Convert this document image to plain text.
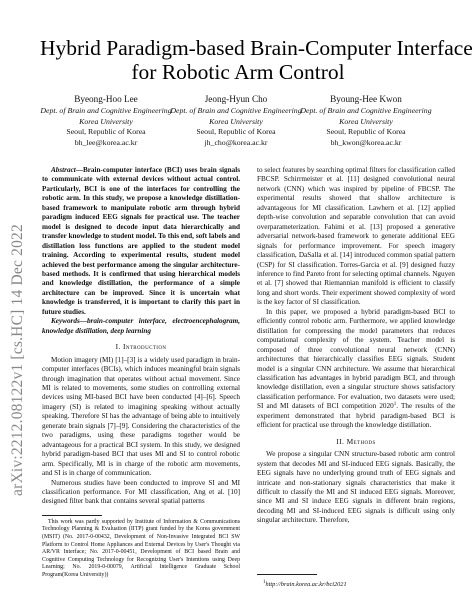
arXiv:2212.08122v1 [cs.HC] 14 Dec 2022
Hybrid Paradigm-based Brain-Computer Interface
for Robotic Arm Control
Byeong-Hoo Lee
Dept. of Brain and Cognitive Engineering
Korea University
Seoul, Republic of Korea
bh_lee@korea.ac.kr
Jeong-Hyun Cho
Dept. of Brain and Cognitive Engineering
Korea University
Seoul, Republic of Korea
jh_cho@korea.ac.kr
Byoung-Hee Kwon
Dept. of Brain and Cognitive Engineering
Korea University
Seoul, Republic of Korea
bh_kwon@korea.ac.kr

Abstract—Brain-computer interface (BCI) uses brain signals to communicate with external devices without actual control. Particularly, BCI is one of the interfaces for controlling the robotic arm. In this study, we propose a knowledge distillation-based framework to manipulate robotic arm through hybrid paradigm induced EEG signals for practical use. The teacher model is designed to decode input data hierarchically and transfer knowledge to student model. To this end, soft labels and distillation loss functions are applied to the student model training. According to experimental results, student model achieved the best performance among the singular architecture-based methods. It is confirmed that using hierarchical models and knowledge distillation, the performance of a simple architecture can be improved. Since it is uncertain what knowledge is transferred, it is important to clarify this part in future studies.

Keywords—brain-computer interface, electroencephalogram, knowledge distillation, deep learning

I. Introduction

Motion imagery (MI) [1]–[3] is a widely used paradigm in brain-computer interfaces (BCIs), which induces meaningful brain signals through imagination that operates without actual movement. Since MI is related to movements, some studies on controlling external devices using MI-based BCI have been conducted [4]–[6]. Speech imagery (SI) is related to imagining speaking without actually speaking. Therefore SI has the advantage of being able to intuitively generate brain signals [7]–[9]. Considering the characteristics of the two paradigms, using these paradigms together would be advantageous for a practical BCI system. In this study, we designed hybrid paradigm-based BCI that uses MI and SI to control robotic arm. Specifically, MI is in charge of the robotic arm movements, and SI is in charge of communication.

Numerous studies have been conducted to improve SI and MI classification performance. For MI classification, Ang et al. [10] designed filter bank that contains several spatial patterns

This work was partly supported by Institute of Information & Communications Technology Planning & Evaluation (IITP) grant funded by the Korea government (MSIT) (No. 2017-0-00432, Development of Non-Invasive Integrated BCI SW Platform to Control Home Appliances and External Devices by User's Thought via AR/VR Interface; No. 2017-0-00451, Development of BCI based Brain and Cognitive Computing Technology for Recognizing User's Intentions using Deep Learning; No. 2019-0-00079, Artificial Intelligence Graduate School Program(Korea University))

to select features by searching optimal filters for classification called FBCSP. Schirrmeister et al. [11] designed convolutional neural network (CNN) which was inspired by pipeline of FBCSP. The experimental results showed that shallow architecture is advantageous for MI classification. Lawhern et al. [12] applied depth-wise convolution and separable convolution that can avoid overparameterization. Fahimi et al. [13] proposed a generative adversarial network-based framework to generate additional EEG signals for performance improvement. For speech imagery classification, DaSalla et al. [14] introduced common spatial pattern (CSP) for SI classification. Torres-Garcia et al. [9] designed fuzzy inference to find Pareto front for selecting optimal channels. Nguyen et al. [7] showed that Riemannian manifold is efficient to classify long and short words. Their experiment showed complexity of word is the key factor of SI classification.

In this paper, we proposed a hybrid paradigm-based BCI to efficiently control robotic arm. Furthermore, we applied knowledge distillation for compressing the model parameters that reduces computational complexity of the system. Teacher model is composed of three convolutional neural network (CNN) architectures that hierarchically classifies EEG signals. Student model is a singular CNN architecture. We assume that hierarchical classification has advantages in hybrid paradigm BCI, and through knowledge distillation, even a singular structure shows satisfactory classification performance. For evaluation, two datasets were used; SI and MI datasets of BCI competition 2020$^1$. The results of the experiment demonstrated that hybrid paradigm-based BCI is efficient for practical use through the knowledge distillation.

II. Methods

We propose a singular CNN structure-based robotic arm control system that decodes MI and SI-induced EEG signals. Basically, the EEG signals have no underlying ground truth of EEG signals and intricate and non-stationary signals characteristics that make it difficult to classify the MI and SI induced EEG signals. Moreover, since MI and SI induce EEG signals in different brain regions, decoding MI and SI-induced EEG signals is difficult using only singular architecture. Therefore,

$^1$http://brain.korea.ac.kr/bci2021
